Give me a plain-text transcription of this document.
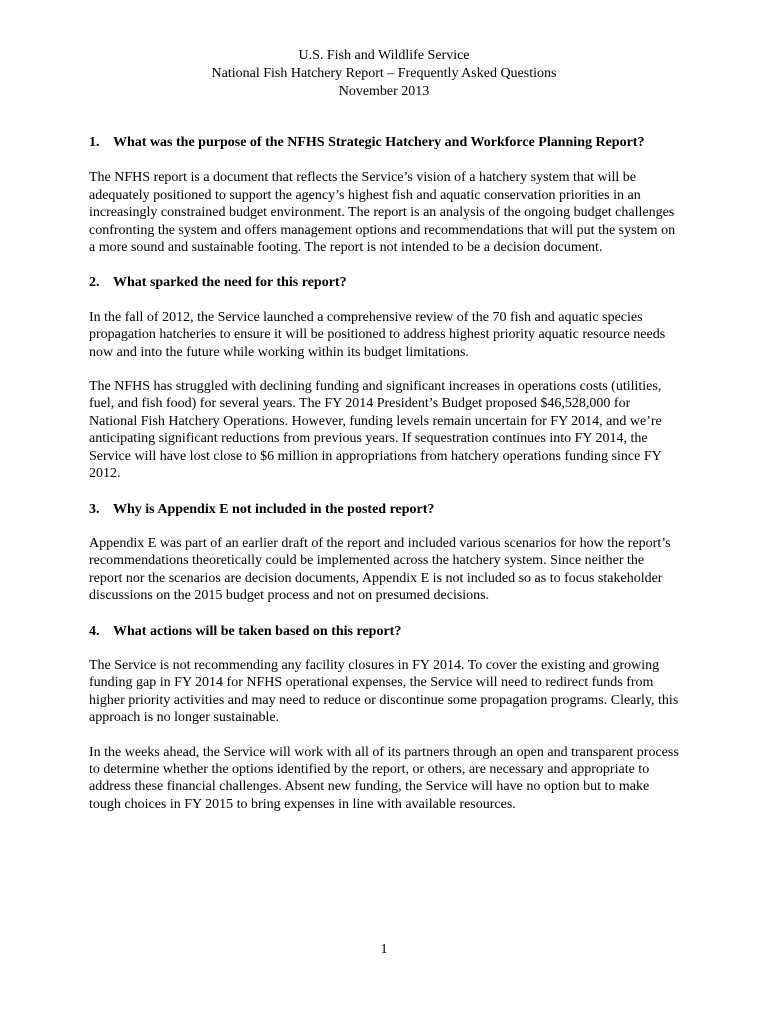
U.S. Fish and Wildlife Service
National Fish Hatchery Report – Frequently Asked Questions
November 2013
1. What was the purpose of the NFHS Strategic Hatchery and Workforce Planning Report?

The NFHS report is a document that reflects the Service’s vision of a hatchery system that will be adequately positioned to support the agency’s highest fish and aquatic conservation priorities in an increasingly constrained budget environment. The report is an analysis of the ongoing budget challenges confronting the system and offers management options and recommendations that will put the system on a more sound and sustainable footing. The report is not intended to be a decision document.

2. What sparked the need for this report?

In the fall of 2012, the Service launched a comprehensive review of the 70 fish and aquatic species propagation hatcheries to ensure it will be positioned to address highest priority aquatic resource needs now and into the future while working within its budget limitations.

The NFHS has struggled with declining funding and significant increases in operations costs (utilities, fuel, and fish food) for several years. The FY 2014 President’s Budget proposed $46,528,000 for National Fish Hatchery Operations. However, funding levels remain uncertain for FY 2014, and we’re anticipating significant reductions from previous years. If sequestration continues into FY 2014, the Service will have lost close to $6 million in appropriations from hatchery operations funding since FY 2012.

3. Why is Appendix E not included in the posted report?

Appendix E was part of an earlier draft of the report and included various scenarios for how the report’s recommendations theoretically could be implemented across the hatchery system. Since neither the report nor the scenarios are decision documents, Appendix E is not included so as to focus stakeholder discussions on the 2015 budget process and not on presumed decisions.

4. What actions will be taken based on this report?

The Service is not recommending any facility closures in FY 2014. To cover the existing and growing funding gap in FY 2014 for NFHS operational expenses, the Service will need to redirect funds from higher priority activities and may need to reduce or discontinue some propagation programs. Clearly, this approach is no longer sustainable.

In the weeks ahead, the Service will work with all of its partners through an open and transparent process to determine whether the options identified by the report, or others, are necessary and appropriate to address these financial challenges. Absent new funding, the Service will have no option but to make tough choices in FY 2015 to bring expenses in line with available resources.

1
